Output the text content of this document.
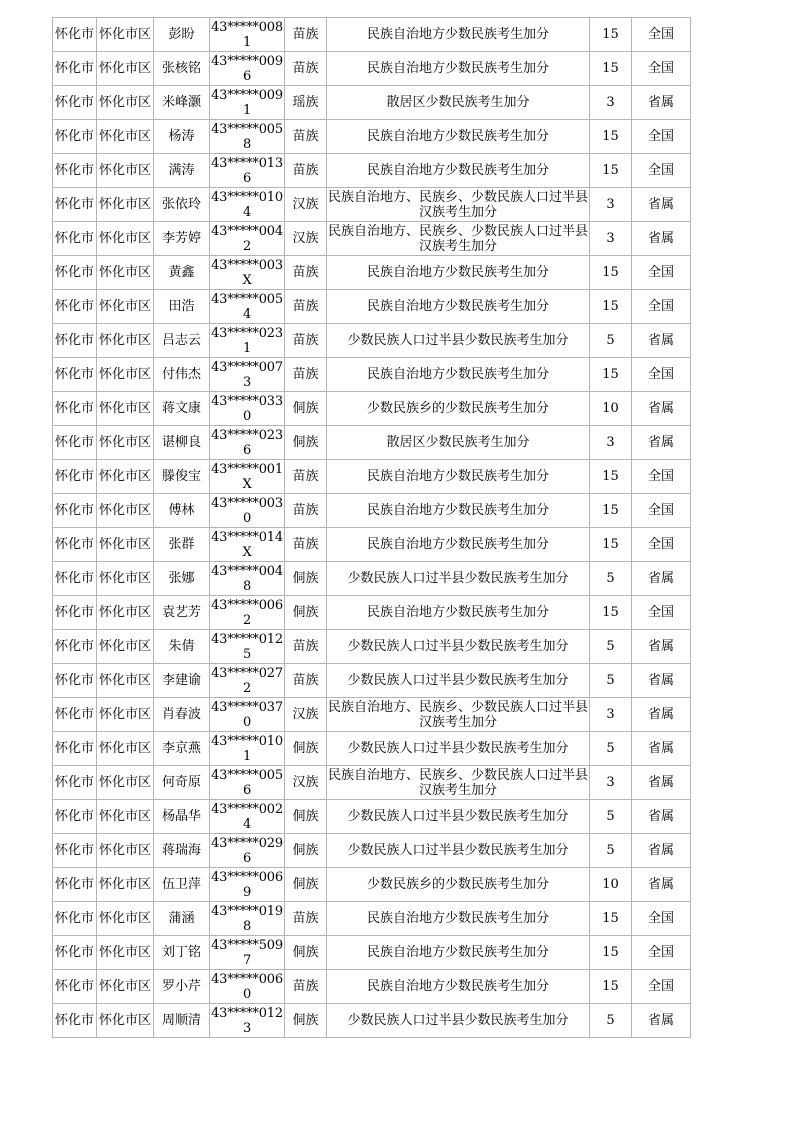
怀化市	怀化市区	彭盼	43*****0081	苗族	民族自治地方少数民族考生加分	15	全国
怀化市	怀化市区	张核铭	43*****0096	苗族	民族自治地方少数民族考生加分	15	全国
怀化市	怀化市区	米峰灏	43*****0091	瑶族	散居区少数民族考生加分	3	省属
怀化市	怀化市区	杨涛	43*****0058	苗族	民族自治地方少数民族考生加分	15	全国
怀化市	怀化市区	满涛	43*****0136	苗族	民族自治地方少数民族考生加分	15	全国
怀化市	怀化市区	张依玲	43*****0104	汉族	民族自治地方、民族乡、少数民族人口过半县汉族考生加分	3	省属
怀化市	怀化市区	李芳婷	43*****0042	汉族	民族自治地方、民族乡、少数民族人口过半县汉族考生加分	3	省属
怀化市	怀化市区	黄鑫	43*****003X	苗族	民族自治地方少数民族考生加分	15	全国
怀化市	怀化市区	田浩	43*****0054	苗族	民族自治地方少数民族考生加分	15	全国
怀化市	怀化市区	吕志云	43*****0231	苗族	少数民族人口过半县少数民族考生加分	5	省属
怀化市	怀化市区	付伟杰	43*****0073	苗族	民族自治地方少数民族考生加分	15	全国
怀化市	怀化市区	蒋文康	43*****0330	侗族	少数民族乡的少数民族考生加分	10	省属
怀化市	怀化市区	谌柳良	43*****0236	侗族	散居区少数民族考生加分	3	省属
怀化市	怀化市区	滕俊宝	43*****001X	苗族	民族自治地方少数民族考生加分	15	全国
怀化市	怀化市区	傅林	43*****0030	苗族	民族自治地方少数民族考生加分	15	全国
怀化市	怀化市区	张群	43*****014X	苗族	民族自治地方少数民族考生加分	15	全国
怀化市	怀化市区	张娜	43*****0048	侗族	少数民族人口过半县少数民族考生加分	5	省属
怀化市	怀化市区	袁艺芳	43*****0062	侗族	民族自治地方少数民族考生加分	15	全国
怀化市	怀化市区	朱倩	43*****0125	苗族	少数民族人口过半县少数民族考生加分	5	省属
怀化市	怀化市区	李建谕	43*****0272	苗族	少数民族人口过半县少数民族考生加分	5	省属
怀化市	怀化市区	肖春波	43*****0370	汉族	民族自治地方、民族乡、少数民族人口过半县汉族考生加分	3	省属
怀化市	怀化市区	李京燕	43*****0101	侗族	少数民族人口过半县少数民族考生加分	5	省属
怀化市	怀化市区	何奇原	43*****0056	汉族	民族自治地方、民族乡、少数民族人口过半县汉族考生加分	3	省属
怀化市	怀化市区	杨晶华	43*****0024	侗族	少数民族人口过半县少数民族考生加分	5	省属
怀化市	怀化市区	蒋瑞海	43*****0296	侗族	少数民族人口过半县少数民族考生加分	5	省属
怀化市	怀化市区	伍卫萍	43*****0069	侗族	少数民族乡的少数民族考生加分	10	省属
怀化市	怀化市区	蒲涵	43*****0198	苗族	民族自治地方少数民族考生加分	15	全国
怀化市	怀化市区	刘丁铭	43*****5097	侗族	民族自治地方少数民族考生加分	15	全国
怀化市	怀化市区	罗小芹	43*****0060	苗族	民族自治地方少数民族考生加分	15	全国
怀化市	怀化市区	周顺清	43*****0123	侗族	少数民族人口过半县少数民族考生加分	5	省属
